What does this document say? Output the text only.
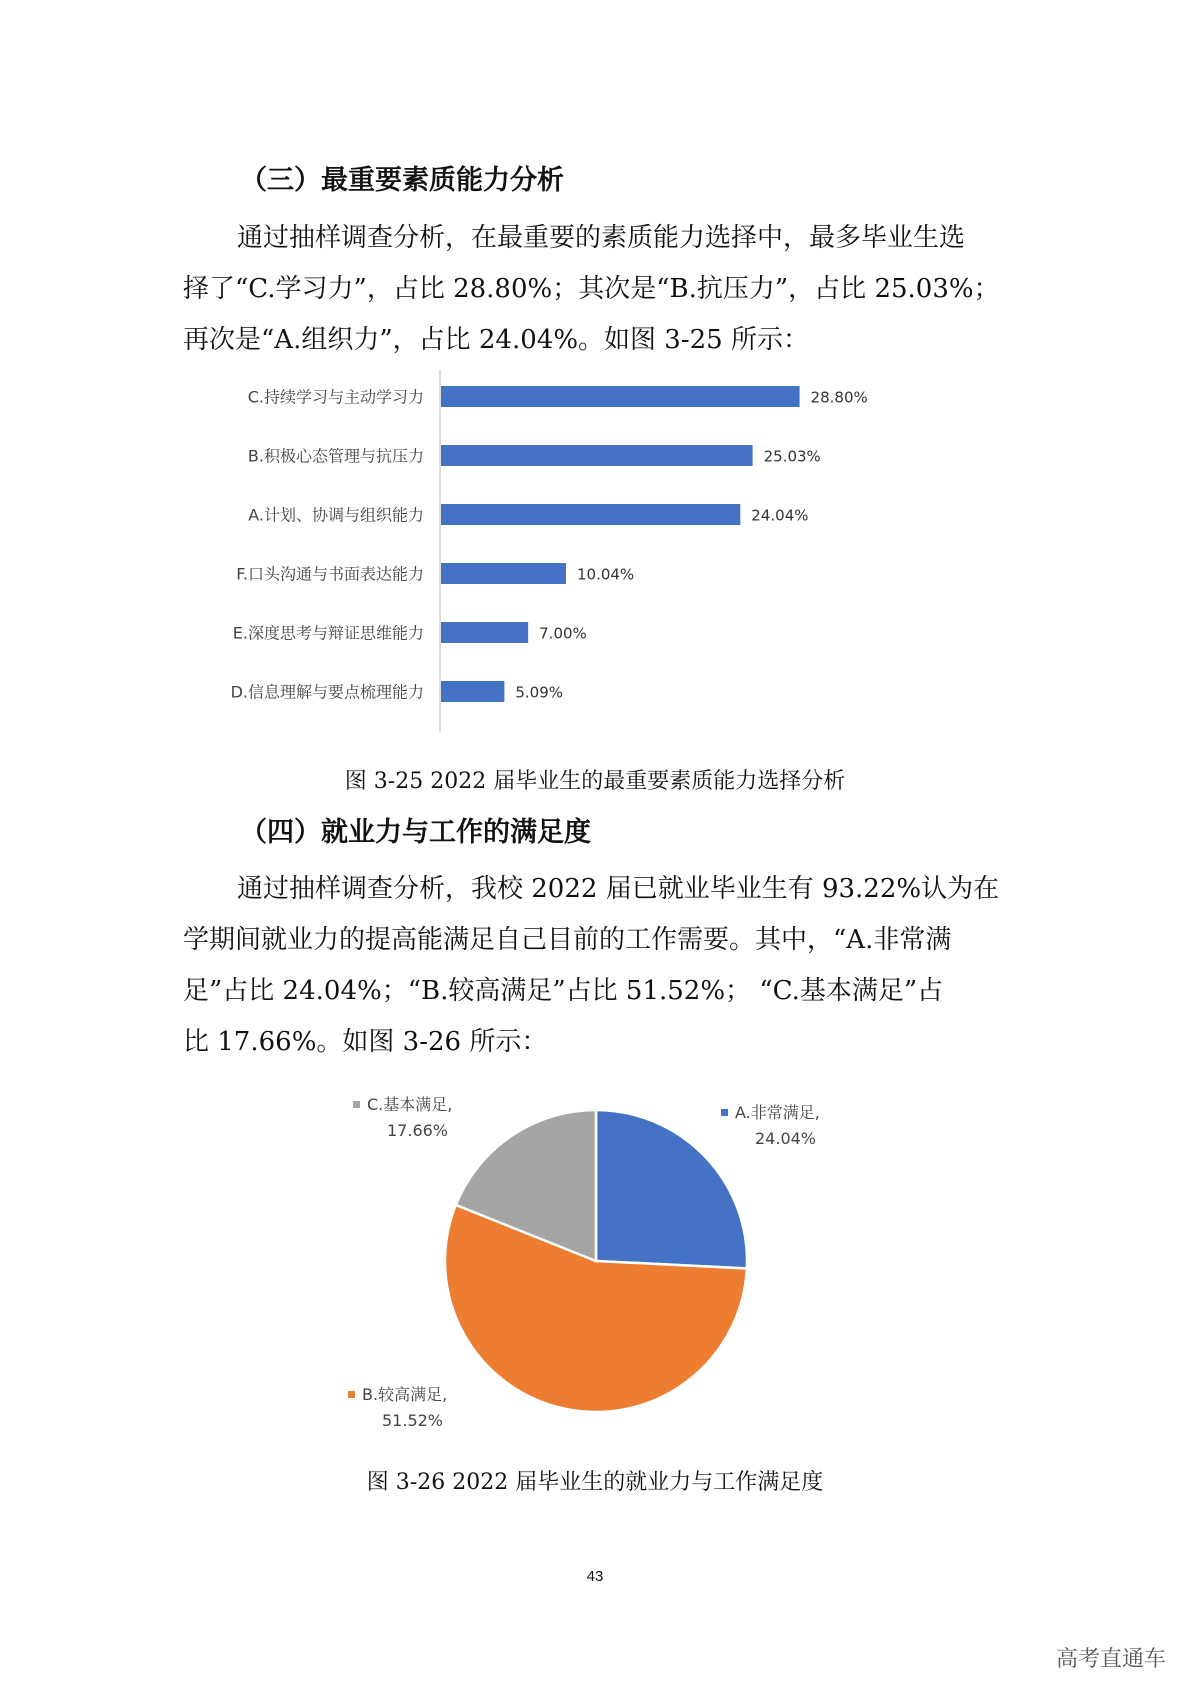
（三）最重要素质能力分析

通过抽样调查分析，在最重要的素质能力选择中，最多毕业生选
择了“C.学习力”，占比 28.80%；其次是“B.抗压力”，占比 25.03%；
再次是“A.组织力”，占比 24.04%。如图 3-25 所示：

C.持续学习与主动学习力	28.80%
B.积极心态管理与抗压力	25.03%
A.计划、协调与组织能力	24.04%
F.口头沟通与书面表达能力	10.04%
E.深度思考与辩证思维能力	7.00%
D.信息理解与要点梳理能力	5.09%

图 3-25 2022 届毕业生的最重要素质能力选择分析

（四）就业力与工作的满足度

通过抽样调查分析，我校 2022 届已就业毕业生有 93.22%认为在
学期间就业力的提高能满足自己目前的工作需要。其中，“A.非常满
足”占比 24.04%；“B.较高满足”占比 51.52%； “C.基本满足”占
比 17.66%。如图 3-26 所示：

A.非常满足,
24.04%
B.较高满足,
51.52%
C.基本满足,
17.66%

图 3-26 2022 届毕业生的就业力与工作满足度

43
高考直通车
